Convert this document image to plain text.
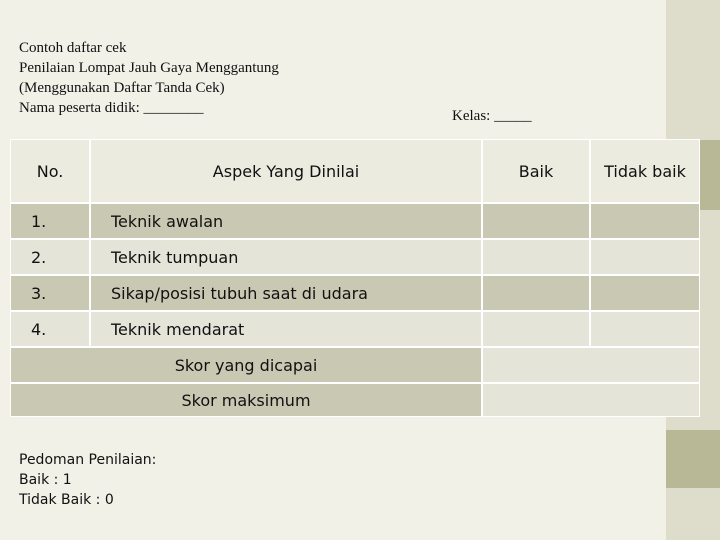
Contoh daftar cek
Penilaian Lompat Jauh Gaya Menggantung
(Menggunakan Daftar Tanda Cek)
Nama peserta didik: ________	Kelas: _____
No.	Aspek Yang Dinilai	Baik	Tidak baik
1.	Teknik awalan
2.	Teknik tumpuan
3.	Sikap/posisi tubuh saat di udara
4.	Teknik mendarat
Skor yang dicapai
Skor maksimum
Pedoman Penilaian:
Baik : 1
Tidak Baik : 0
